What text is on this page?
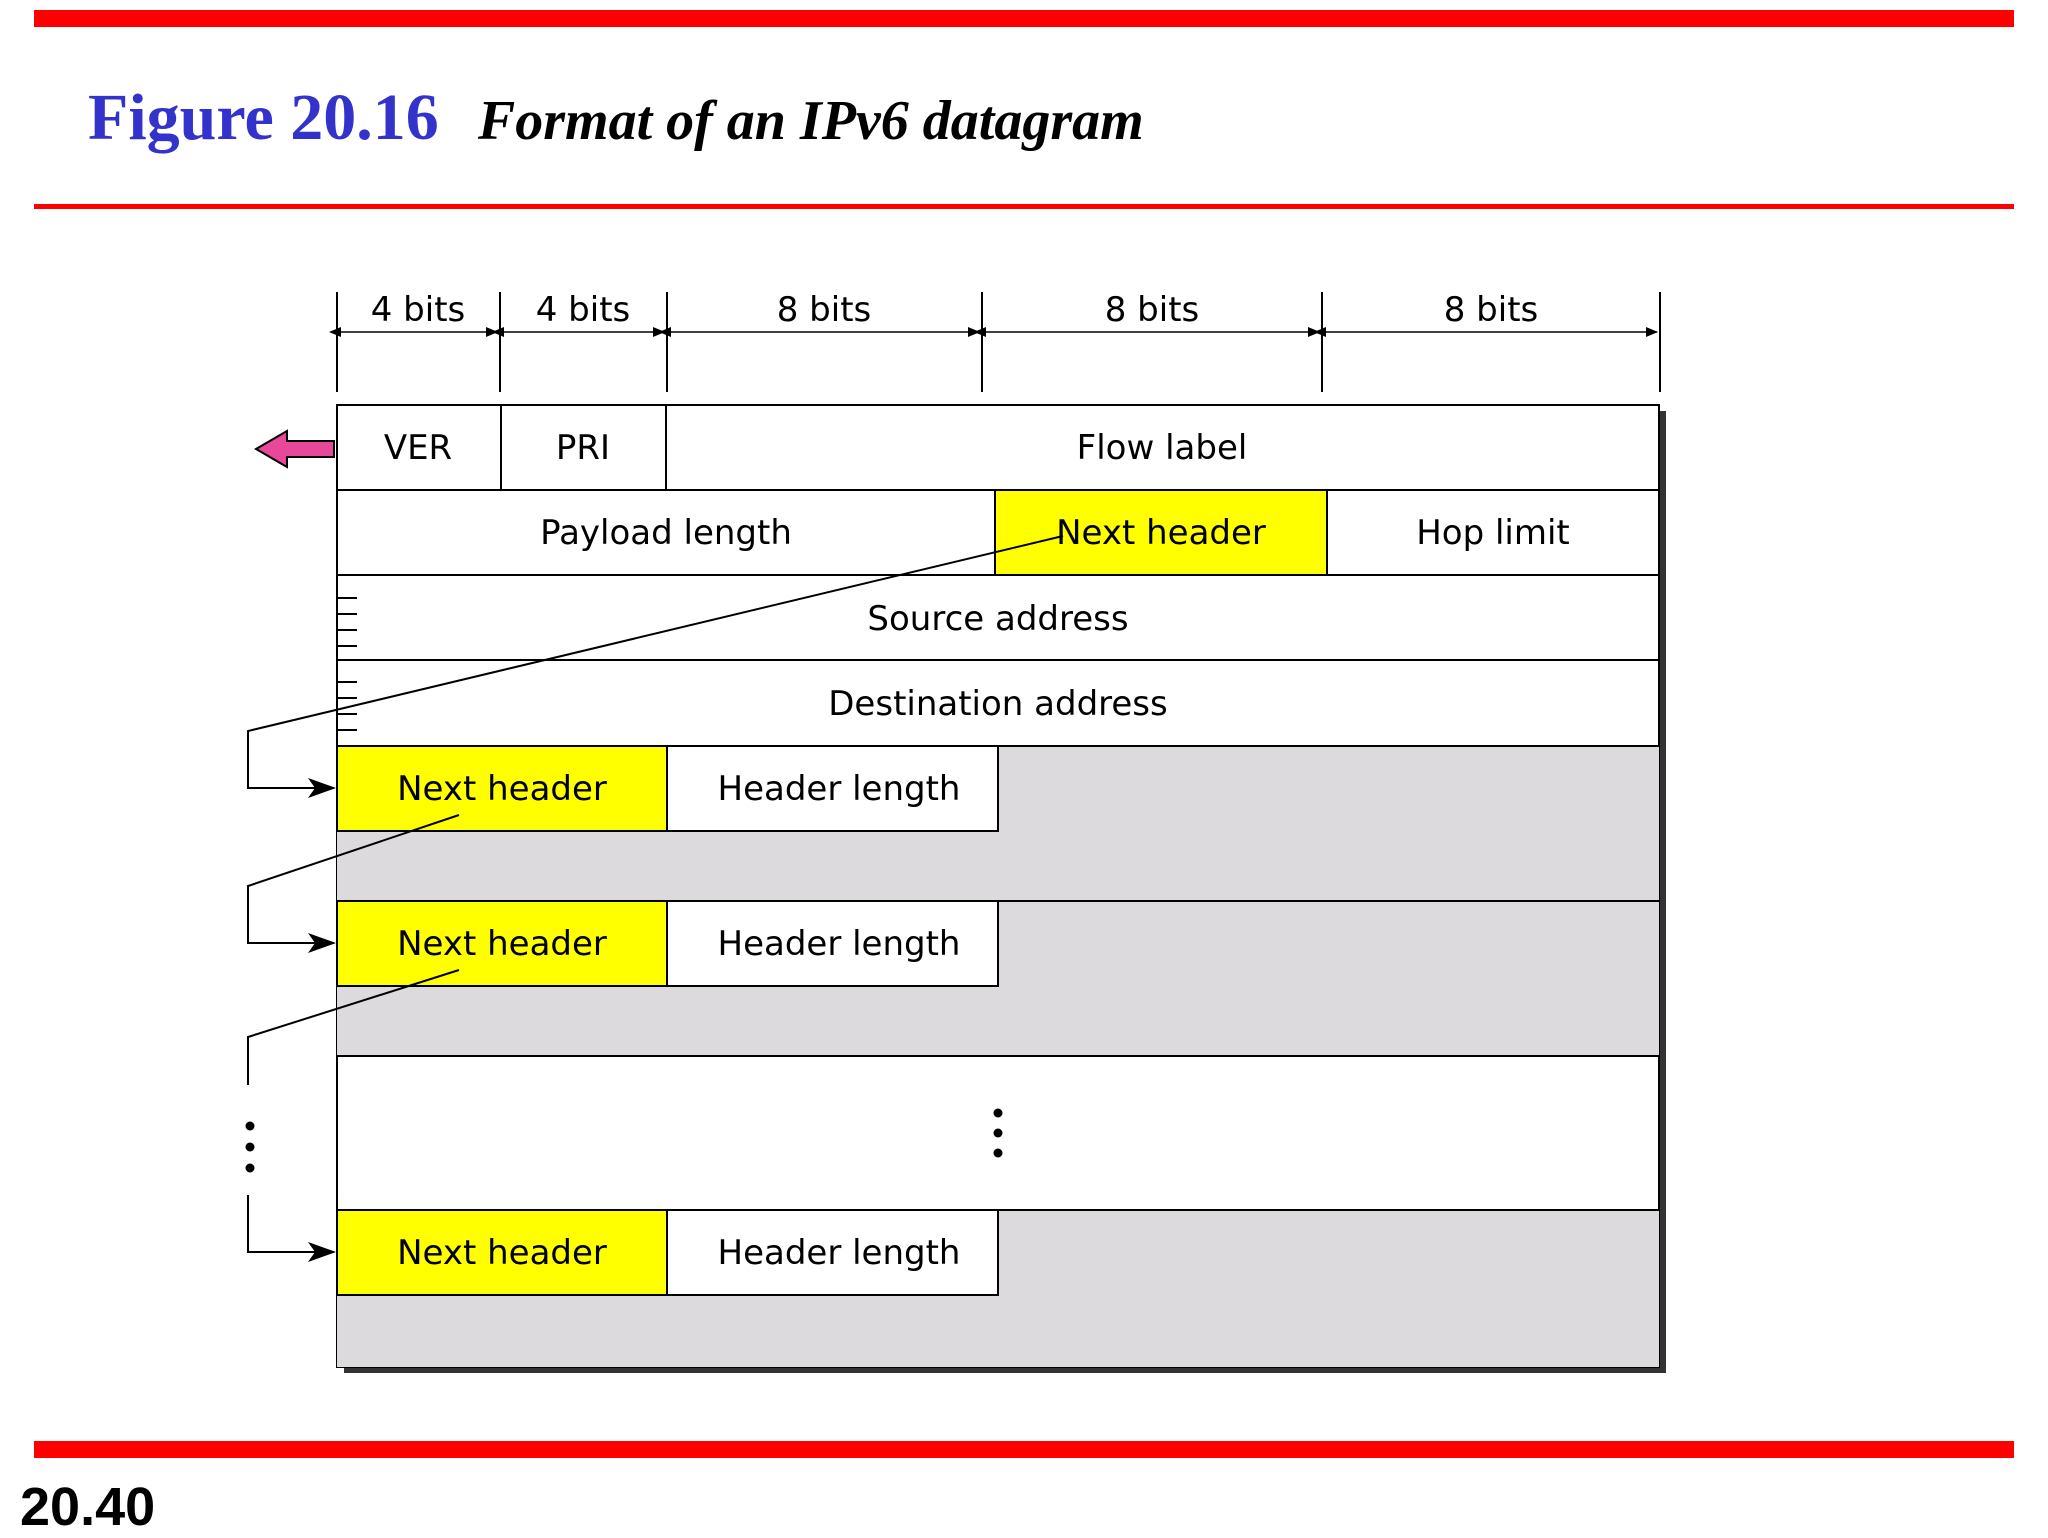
Figure 20.16 Format of an IPv6 datagram
4 bits 4 bits	8 bits	8 bits	8 bits
VER	PRI	Flow label
Payload length	Next header	Hop limit
Source address
Destination address
Next header	Header length
Next header	Header length
Next header	Header length
20.40
